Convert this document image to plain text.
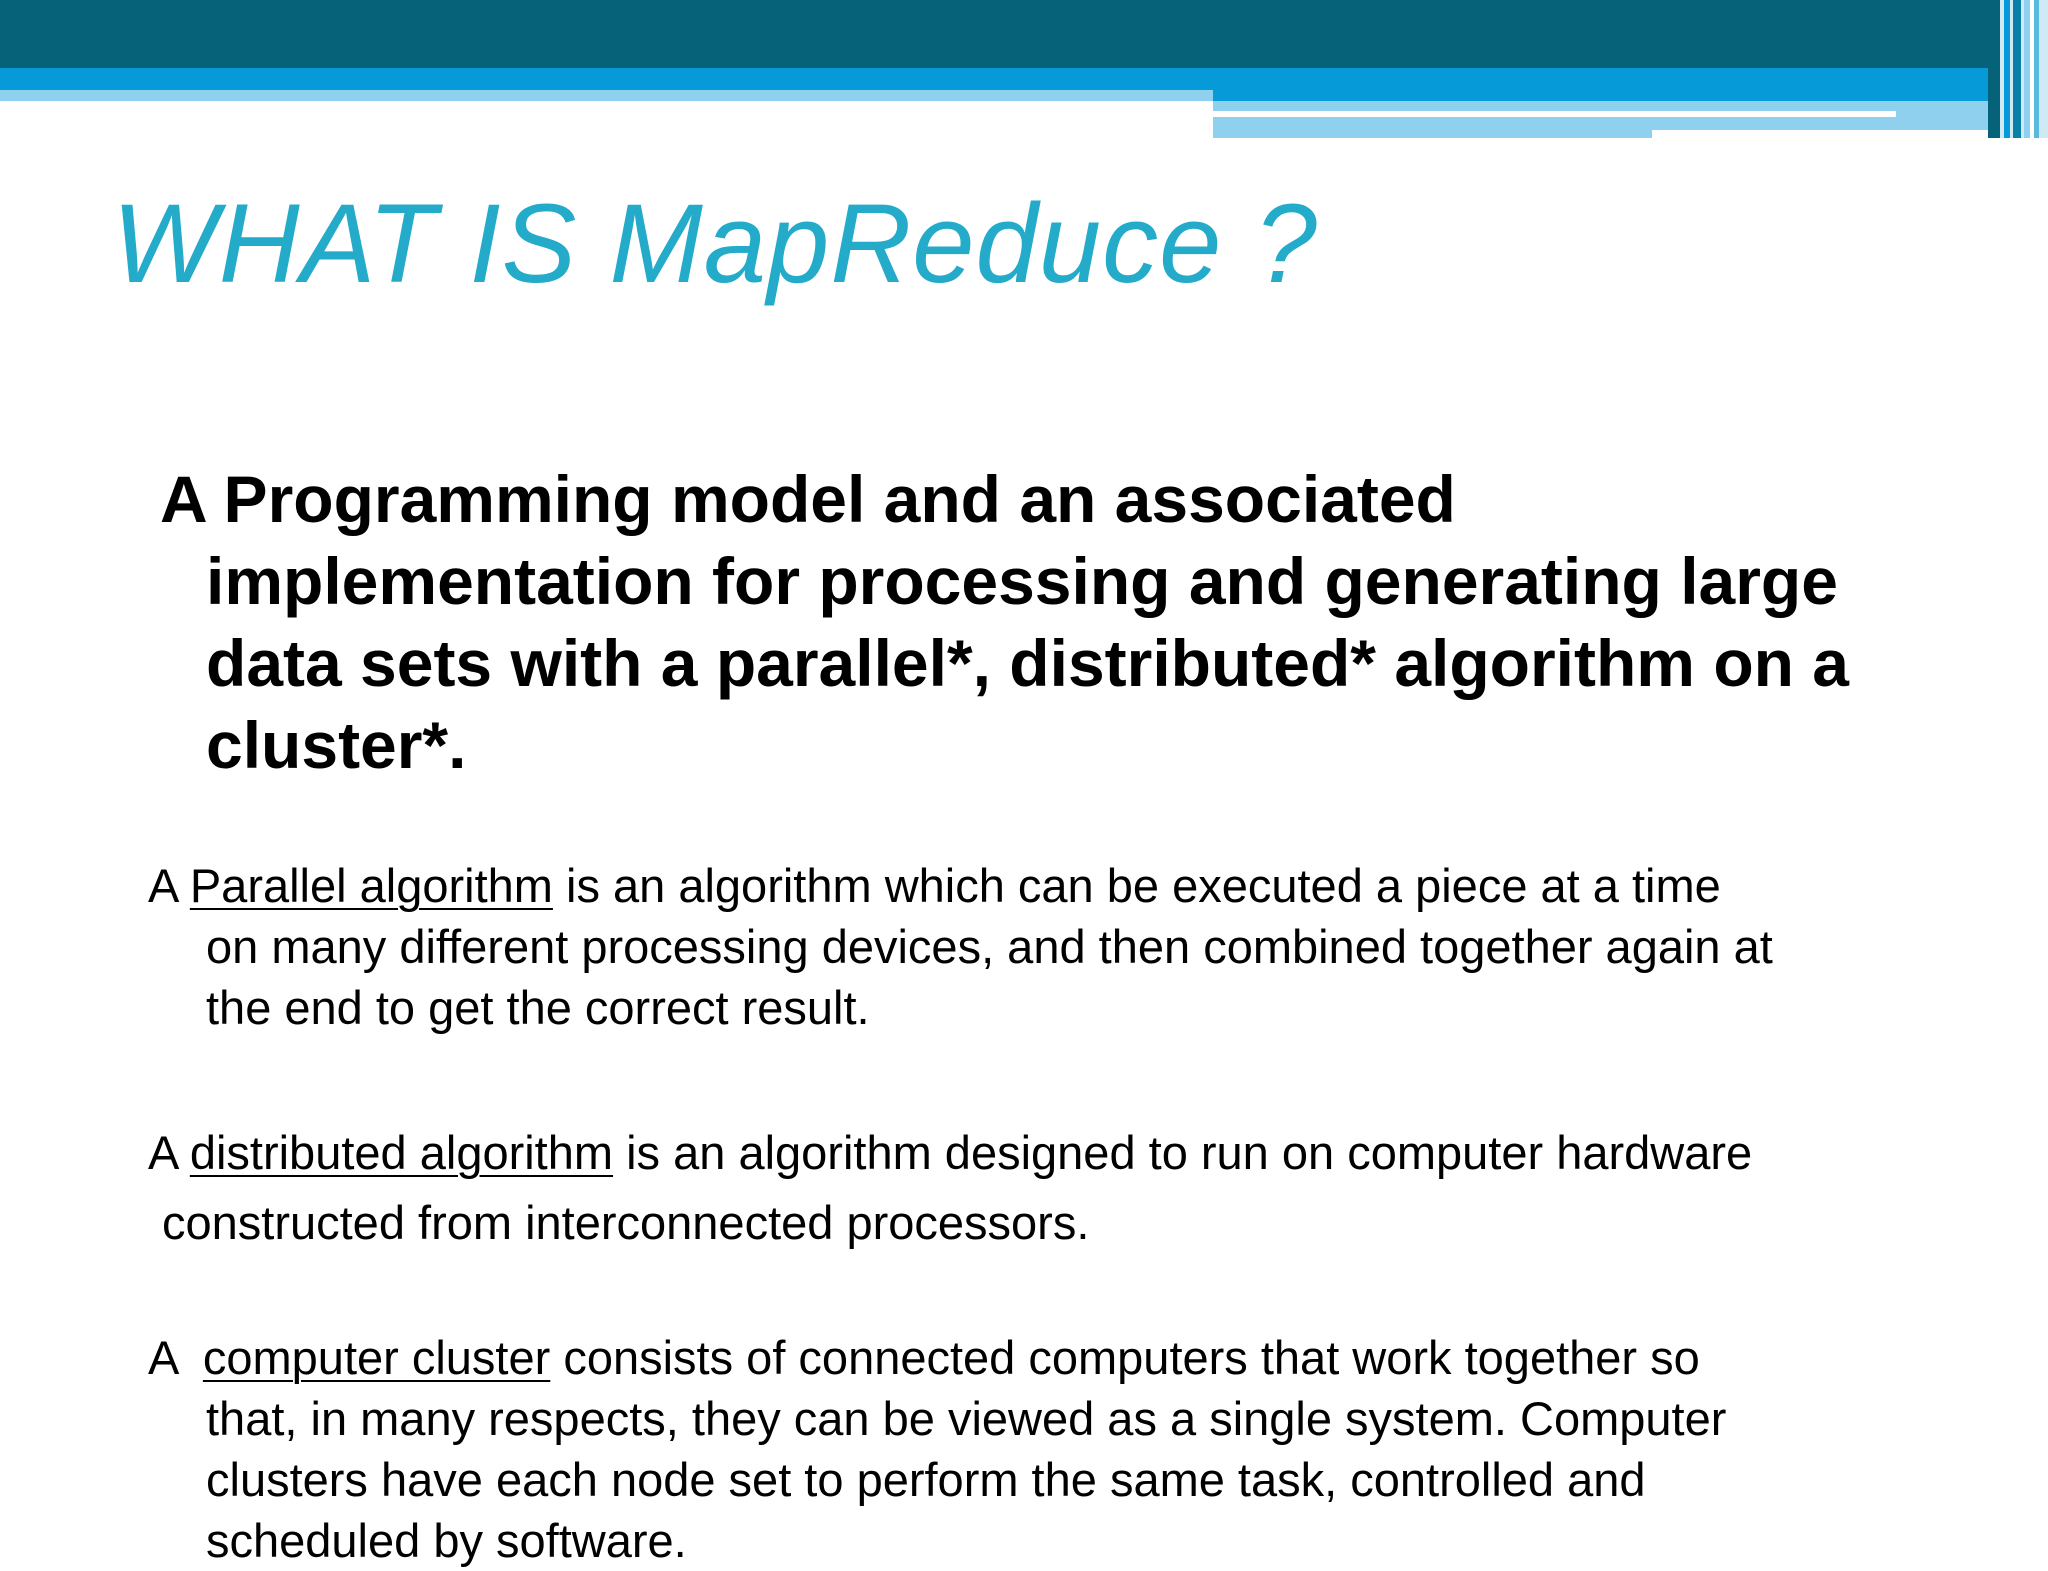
WHAT IS MapReduce ?
A Programming model and an associated
implementation for processing and generating large
data sets with a parallel*, distributed* algorithm on a
cluster*.
A Parallel algorithm is an algorithm which can be executed a piece at a time
on many different processing devices, and then combined together again at
the end to get the correct result.
A distributed algorithm is an algorithm designed to run on computer hardware
constructed from interconnected processors.
A  computer cluster consists of connected computers that work together so
that, in many respects, they can be viewed as a single system. Computer
clusters have each node set to perform the same task, controlled and
scheduled by software.
